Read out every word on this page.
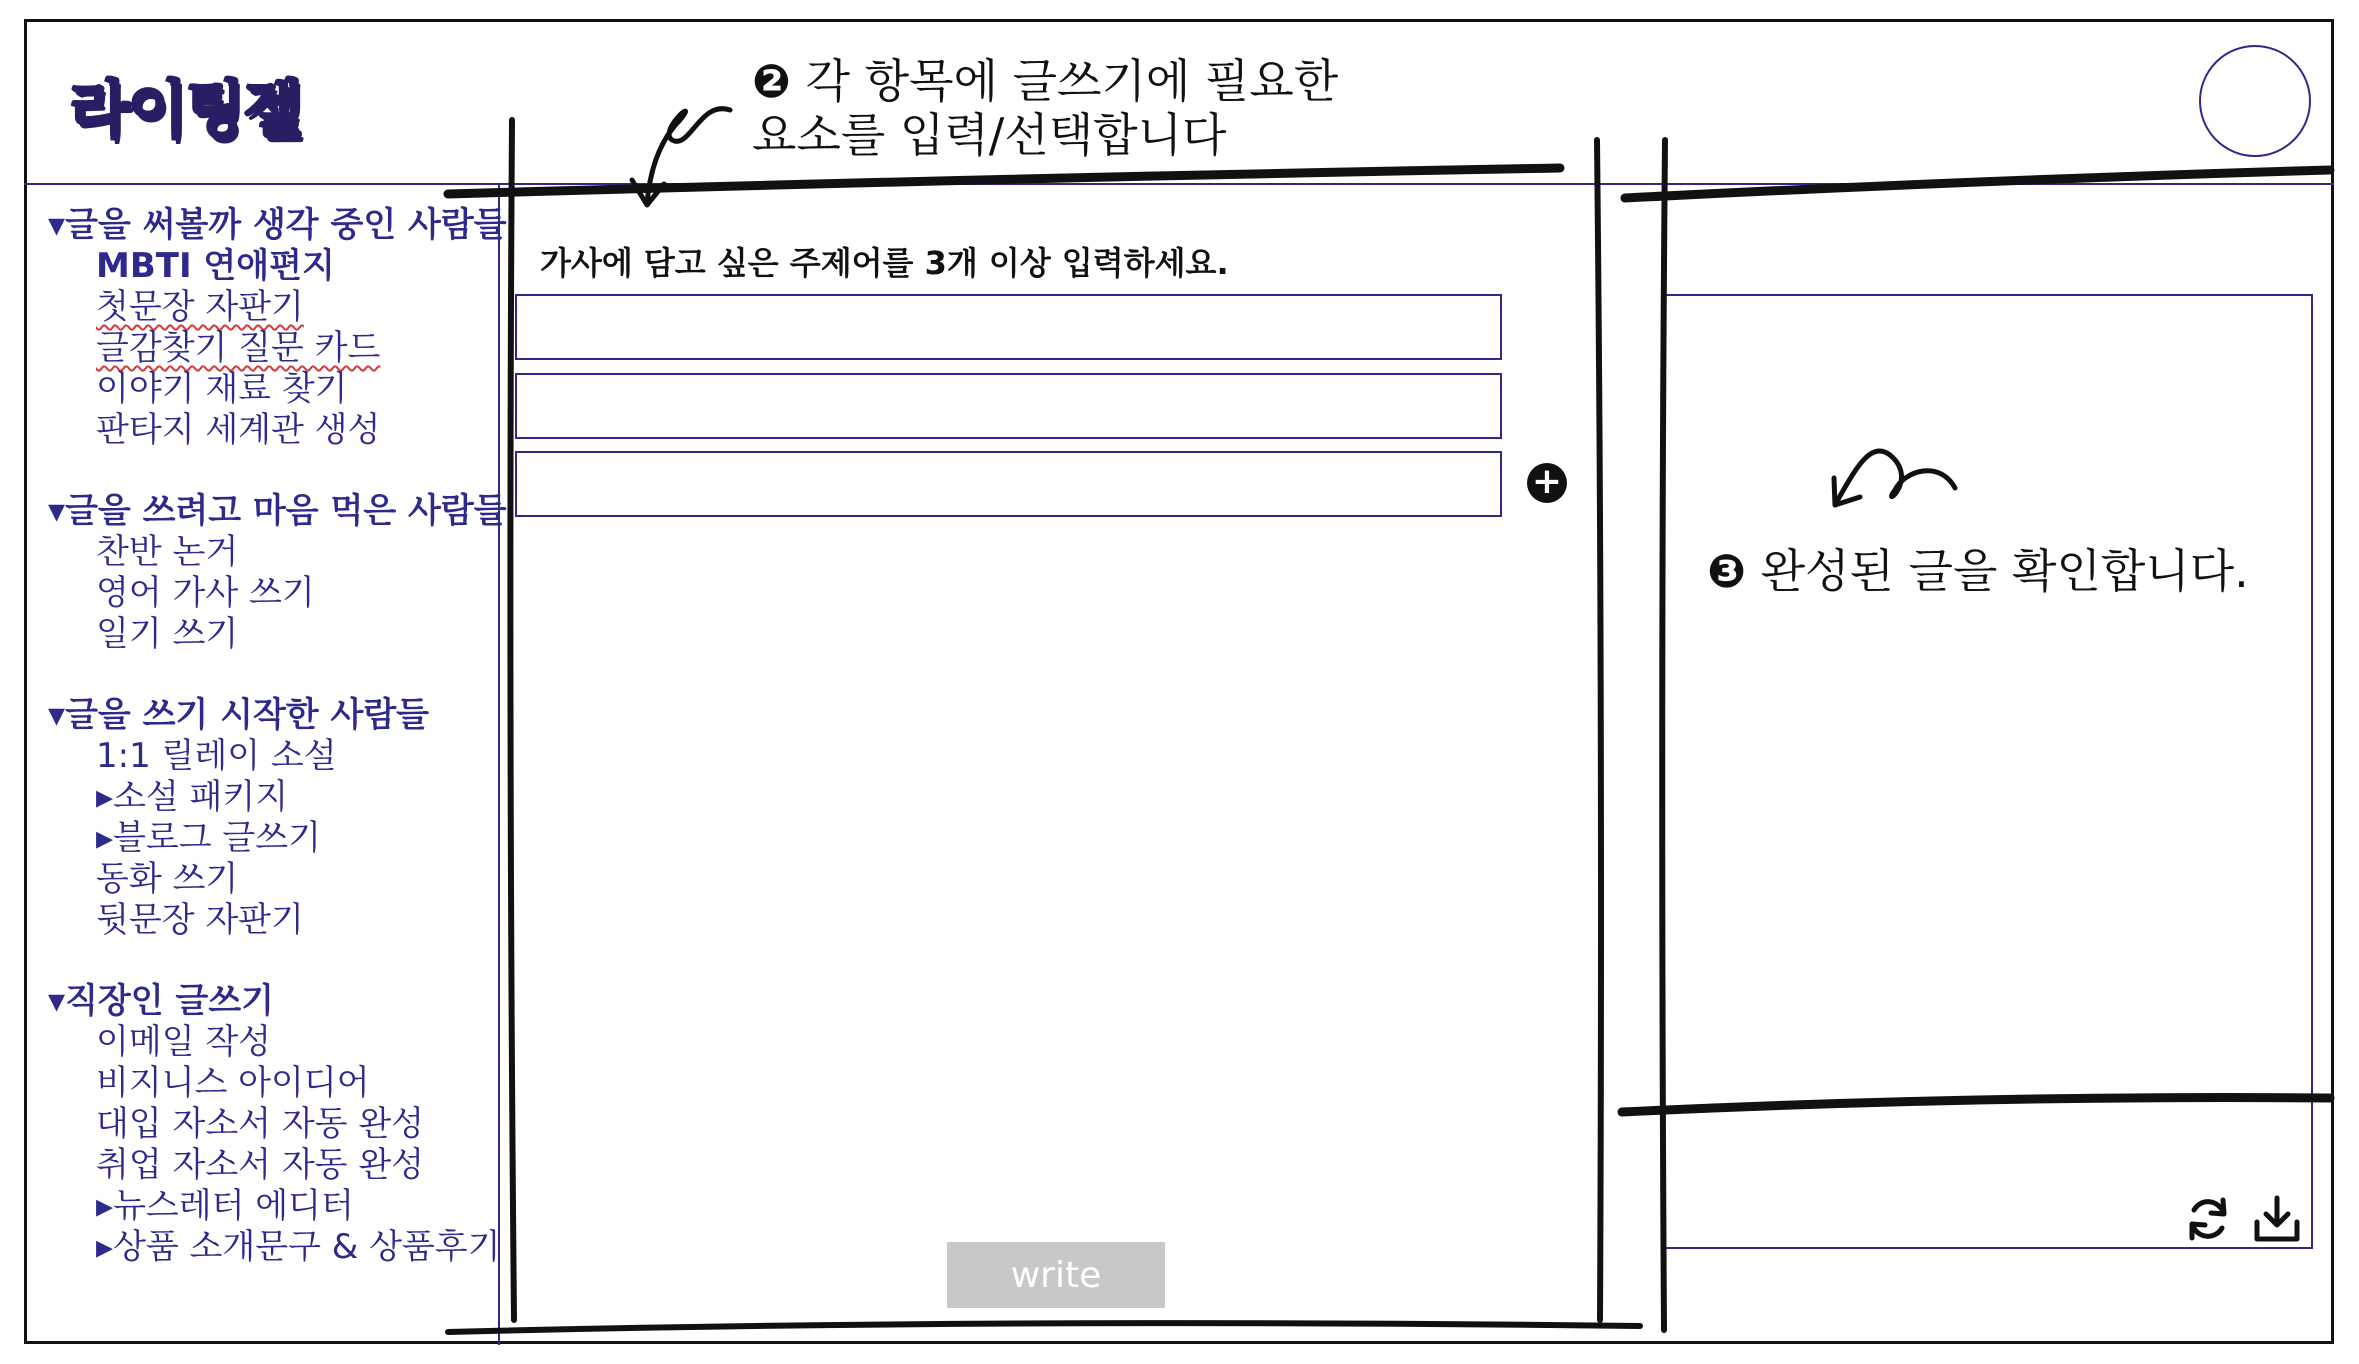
라이팅젤	❷ 각 항목에 글쓰기에 필요한
요소를 입력/선택합니다
❸ 완성된 글을 확인합니다.
▾글을 써볼까 생각 중인 사람들
MBTI 연애편지
첫문장 자판기
글감찾기 질문 카드
이야기 재료 찾기
판타지 세계관 생성
▾글을 쓰려고 마음 먹은 사람들
찬반 논거
영어 가사 쓰기
일기 쓰기
▾글을 쓰기 시작한 사람들
1:1 릴레이 소설
▸소설 패키지
▸블로그 글쓰기
동화 쓰기
뒷문장 자판기
▾직장인 글쓰기
이메일 작성
비지니스 아이디어
대입 자소서 자동 완성
취업 자소서 자동 완성
▸뉴스레터 에디터
▸상품 소개문구 & 상품후기
가사에 담고 싶은 주제어를 3개 이상 입력하세요.
+
write
